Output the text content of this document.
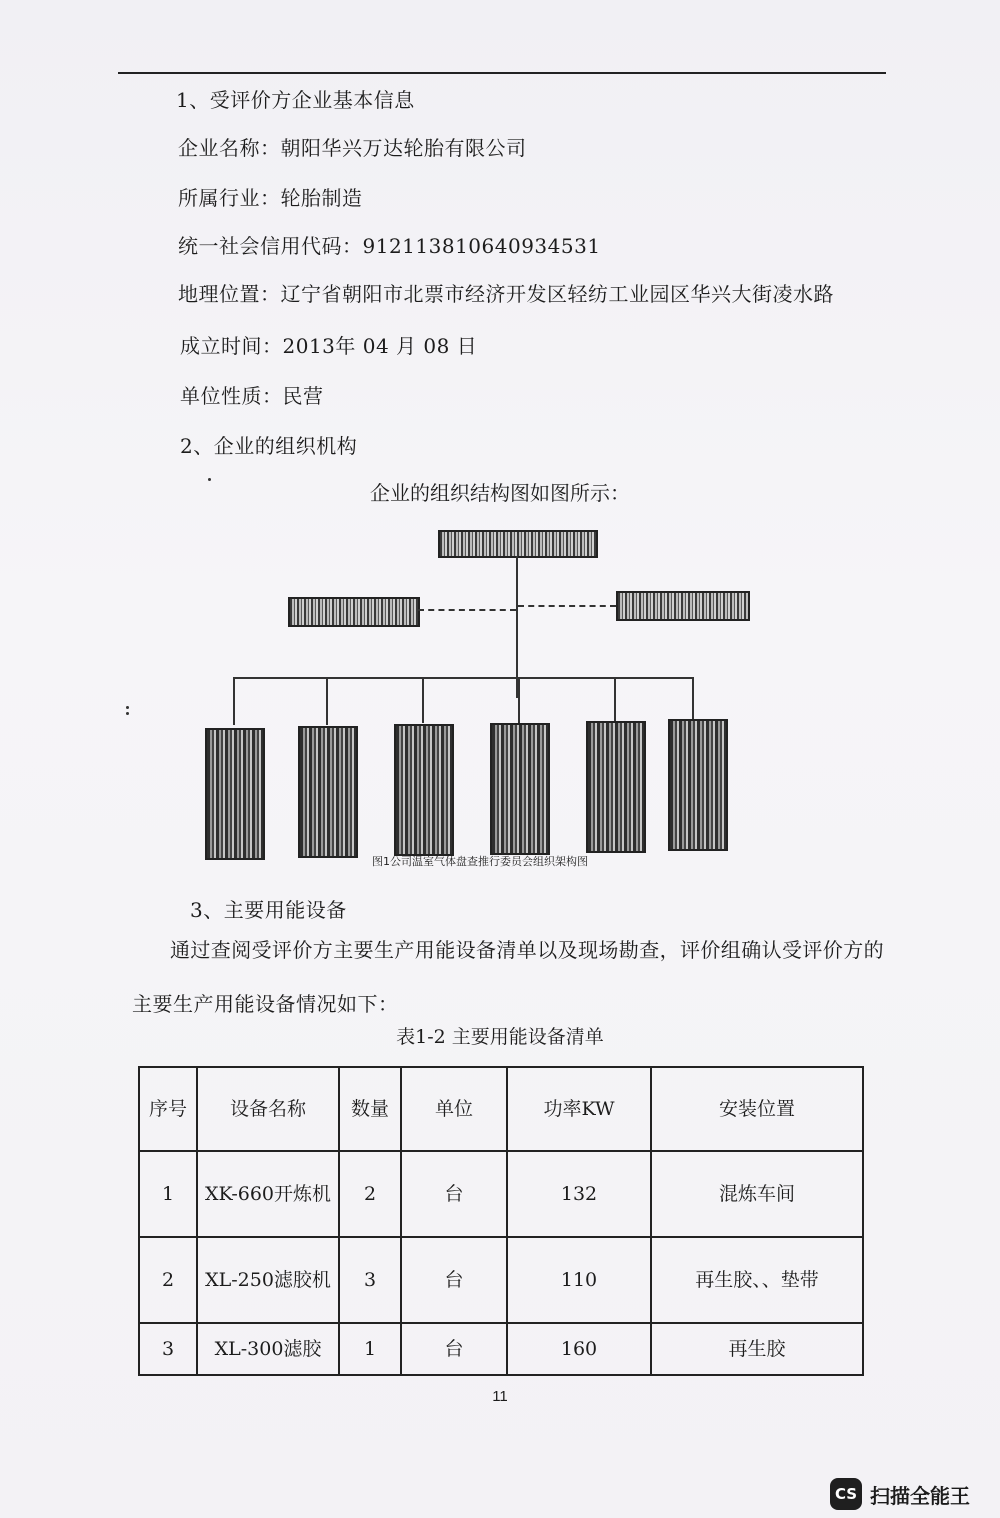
1、受评价方企业基本信息
企业名称：朝阳华兴万达轮胎有限公司
所属行业：轮胎制造
统一社会信用代码：912113810640934531
地理位置：辽宁省朝阳市北票市经济开发区轻纺工业园区华兴大街凌水路
成立时间：2013年 04 月 08 日
单位性质：民营
2、企业的组织机构
企业的组织结构图如图所示：
图1公司温室气体盘查推行委员会组织架构图
3、主要用能设备
通过查阅受评价方主要生产用能设备清单以及现场勘查，评价组确认受评价方的
主要生产用能设备情况如下：
表1-2 主要用能设备清单
序号	设备名称	数量	单位	功率KW	安装位置
1	XK-660开炼机	2	台	132	混炼车间
2	XL-250滤胶机	3	台	110	再生胶、、垫带
3	XL-300滤胶	1	台	160	再生胶
11
CS 扫描全能王
